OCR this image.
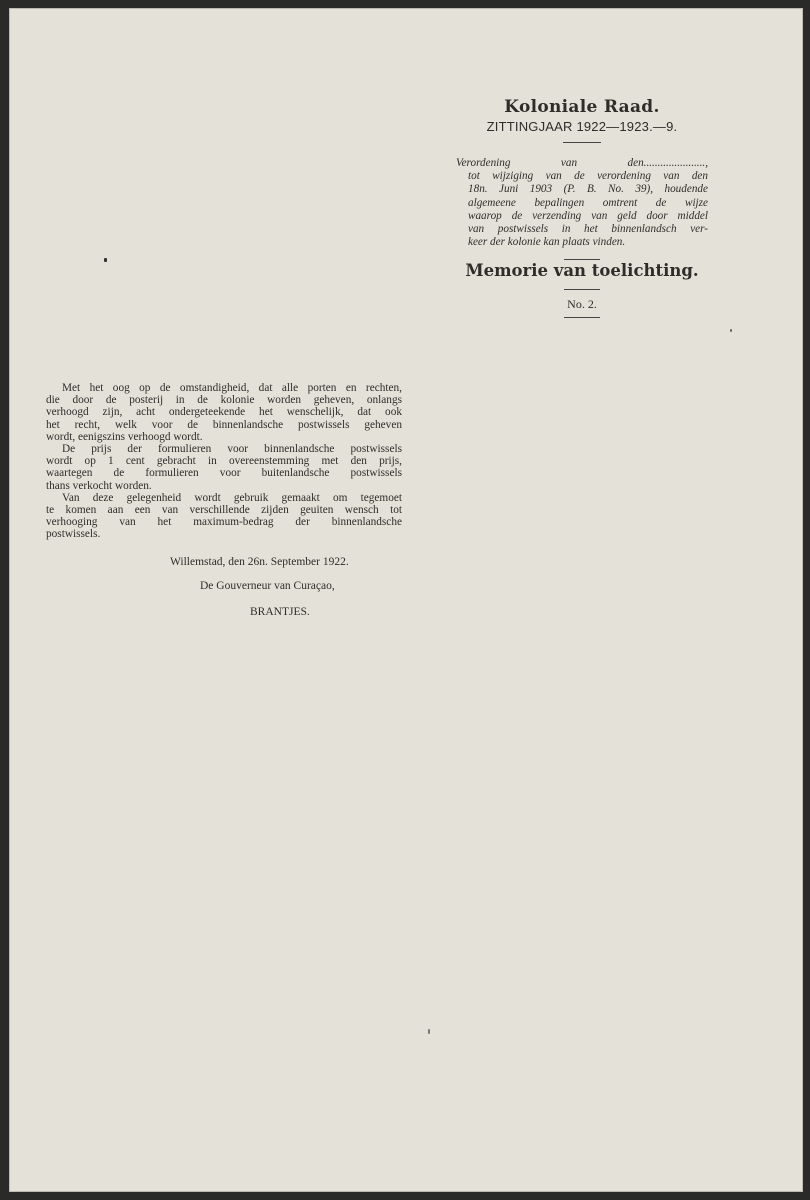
Koloniale Raad.
ZITTINGJAAR 1922—1923.—9.
Verordening van den......................,
tot wijziging van de verordening van den
18n. Juni 1903 (P. B. No. 39), houdende
algemeene bepalingen omtrent de wijze
waarop de verzending van geld door middel
van postwissels in het binnenlandsch ver-
keer der kolonie kan plaats vinden.
Memorie van toelichting.
No. 2.
Met het oog op de omstandigheid, dat alle porten en rechten,
die door de posterij in de kolonie worden geheven, onlangs
verhoogd zijn, acht ondergeteekende het wenschelijk, dat ook
het recht, welk voor de binnenlandsche postwissels geheven
wordt, eenigszins verhoogd wordt.
De prijs der formulieren voor binnenlandsche postwissels
wordt op 1 cent gebracht in overeenstemming met den prijs,
waartegen de formulieren voor buitenlandsche postwissels
thans verkocht worden.
Van deze gelegenheid wordt gebruik gemaakt om tegemoet
te komen aan een van verschillende zijden geuiten wensch tot
verhooging van het maximum-bedrag der binnenlandsche
postwissels.
Willemstad, den 26n. September 1922.
De Gouverneur van Curaçao,
BRANTJES.
